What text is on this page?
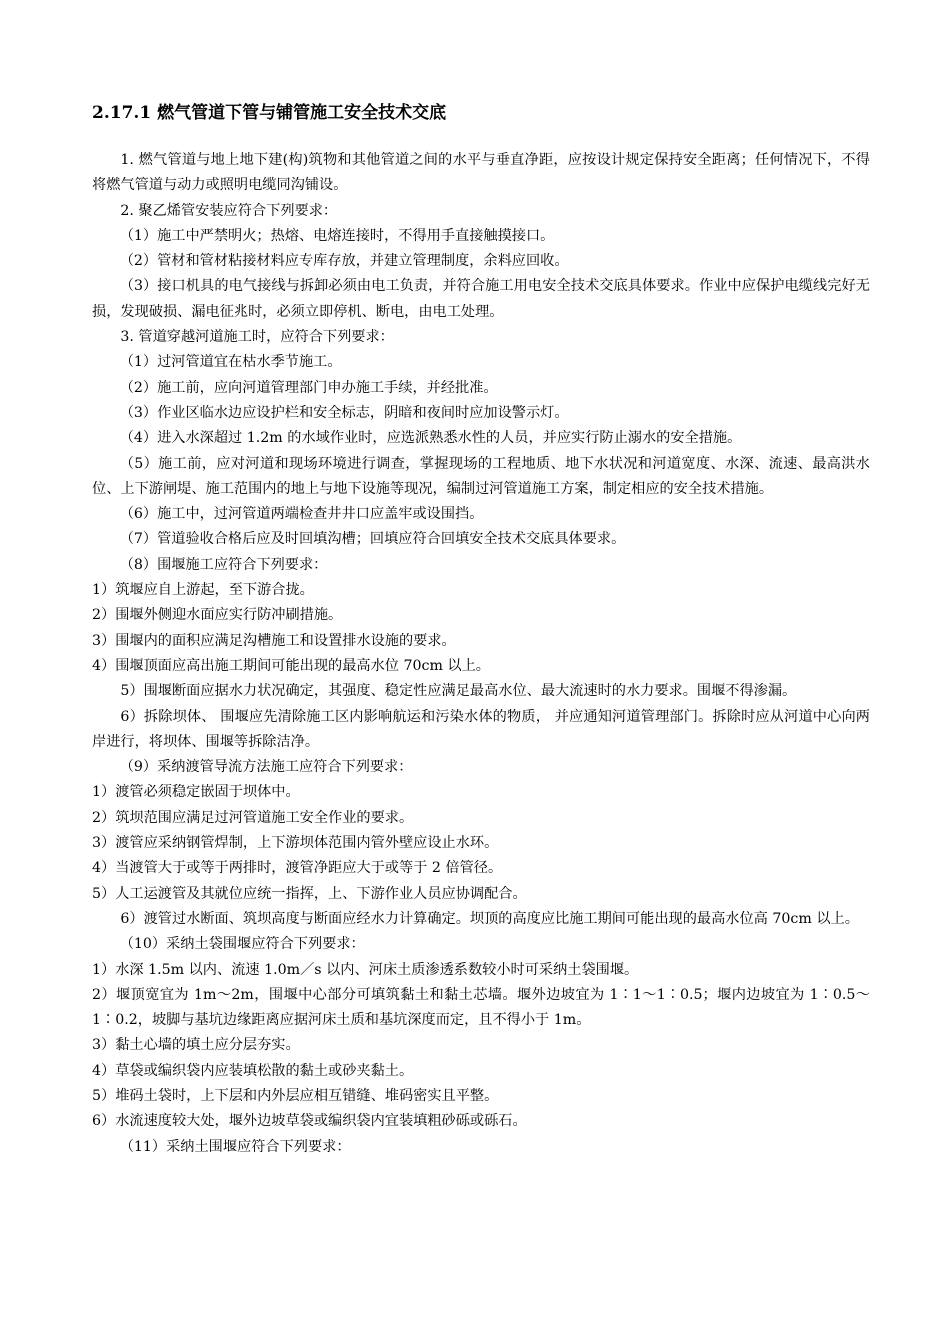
2.17.1 燃气管道下管与铺管施工安全技术交底

1. 燃气管道与地上地下建(构)筑物和其他管道之间的水平与垂直净距，应按设计规定保持安全距离；任何情况下，不得将燃气管道与动力或照明电缆同沟铺设。

2. 聚乙烯管安装应符合下列要求：

（1）施工中严禁明火；热熔、电熔连接时，不得用手直接触摸接口。

（2）管材和管材粘接材料应专库存放，并建立管理制度，余料应回收。

（3）接口机具的电气接线与拆卸必须由电工负责，并符合施工用电安全技术交底具体要求。作业中应保护电缆线完好无损，发现破损、漏电征兆时，必须立即停机、断电，由电工处理。

3. 管道穿越河道施工时，应符合下列要求：

（1）过河管道宜在枯水季节施工。

（2）施工前，应向河道管理部门申办施工手续，并经批准。

（3）作业区临水边应设护栏和安全标志，阴暗和夜间时应加设警示灯。

（4）进入水深超过 1.2m 的水域作业时，应选派熟悉水性的人员，并应实行防止溺水的安全措施。

（5）施工前，应对河道和现场环境进行调查，掌握现场的工程地质、地下水状况和河道宽度、水深、流速、最高洪水位、上下游闸堤、施工范围内的地上与地下设施等现况，编制过河管道施工方案，制定相应的安全技术措施。

（6）施工中，过河管道两端检查井井口应盖牢或设围挡。

（7）管道验收合格后应及时回填沟槽；回填应符合回填安全技术交底具体要求。

（8）围堰施工应符合下列要求：

1）筑堰应自上游起，至下游合拢。

2）围堰外侧迎水面应实行防冲刷措施。

3）围堰内的面积应满足沟槽施工和设置排水设施的要求。

4）围堰顶面应高出施工期间可能出现的最高水位 70cm 以上。

5）围堰断面应据水力状况确定，其强度、稳定性应满足最高水位、最大流速时的水力要求。围堰不得渗漏。

6）拆除坝体、 围堰应先清除施工区内影响航运和污染水体的物质， 并应通知河道管理部门。拆除时应从河道中心向两岸进行，将坝体、围堰等拆除洁净。

（9）采纳渡管导流方法施工应符合下列要求：

1）渡管必须稳定嵌固于坝体中。

2）筑坝范围应满足过河管道施工安全作业的要求。

3）渡管应采纳钢管焊制，上下游坝体范围内管外壁应设止水环。

4）当渡管大于或等于两排时，渡管净距应大于或等于 2 倍管径。

5）人工运渡管及其就位应统一指挥，上、下游作业人员应协调配合。

6）渡管过水断面、筑坝高度与断面应经水力计算确定。坝顶的高度应比施工期间可能出现的最高水位高 70cm 以上。

（10）采纳土袋围堰应符合下列要求：

1）水深 1.5m 以内、流速 1.0m／s 以内、河床土质渗透系数较小时可采纳土袋围堰。

2）堰顶宽宜为 1m～2m，围堰中心部分可填筑黏土和黏土芯墙。堰外边坡宜为 1∶1～1∶0.5；堰内边坡宜为 1∶0.5～1∶0.2，坡脚与基坑边缘距离应据河床土质和基坑深度而定，且不得小于 1m。

3）黏土心墙的填土应分层夯实。

4）草袋或编织袋内应装填松散的黏土或砂夹黏土。

5）堆码土袋时，上下层和内外层应相互错缝、堆码密实且平整。

6）水流速度较大处，堰外边坡草袋或编织袋内宜装填粗砂砾或砾石。

（11）采纳土围堰应符合下列要求：
